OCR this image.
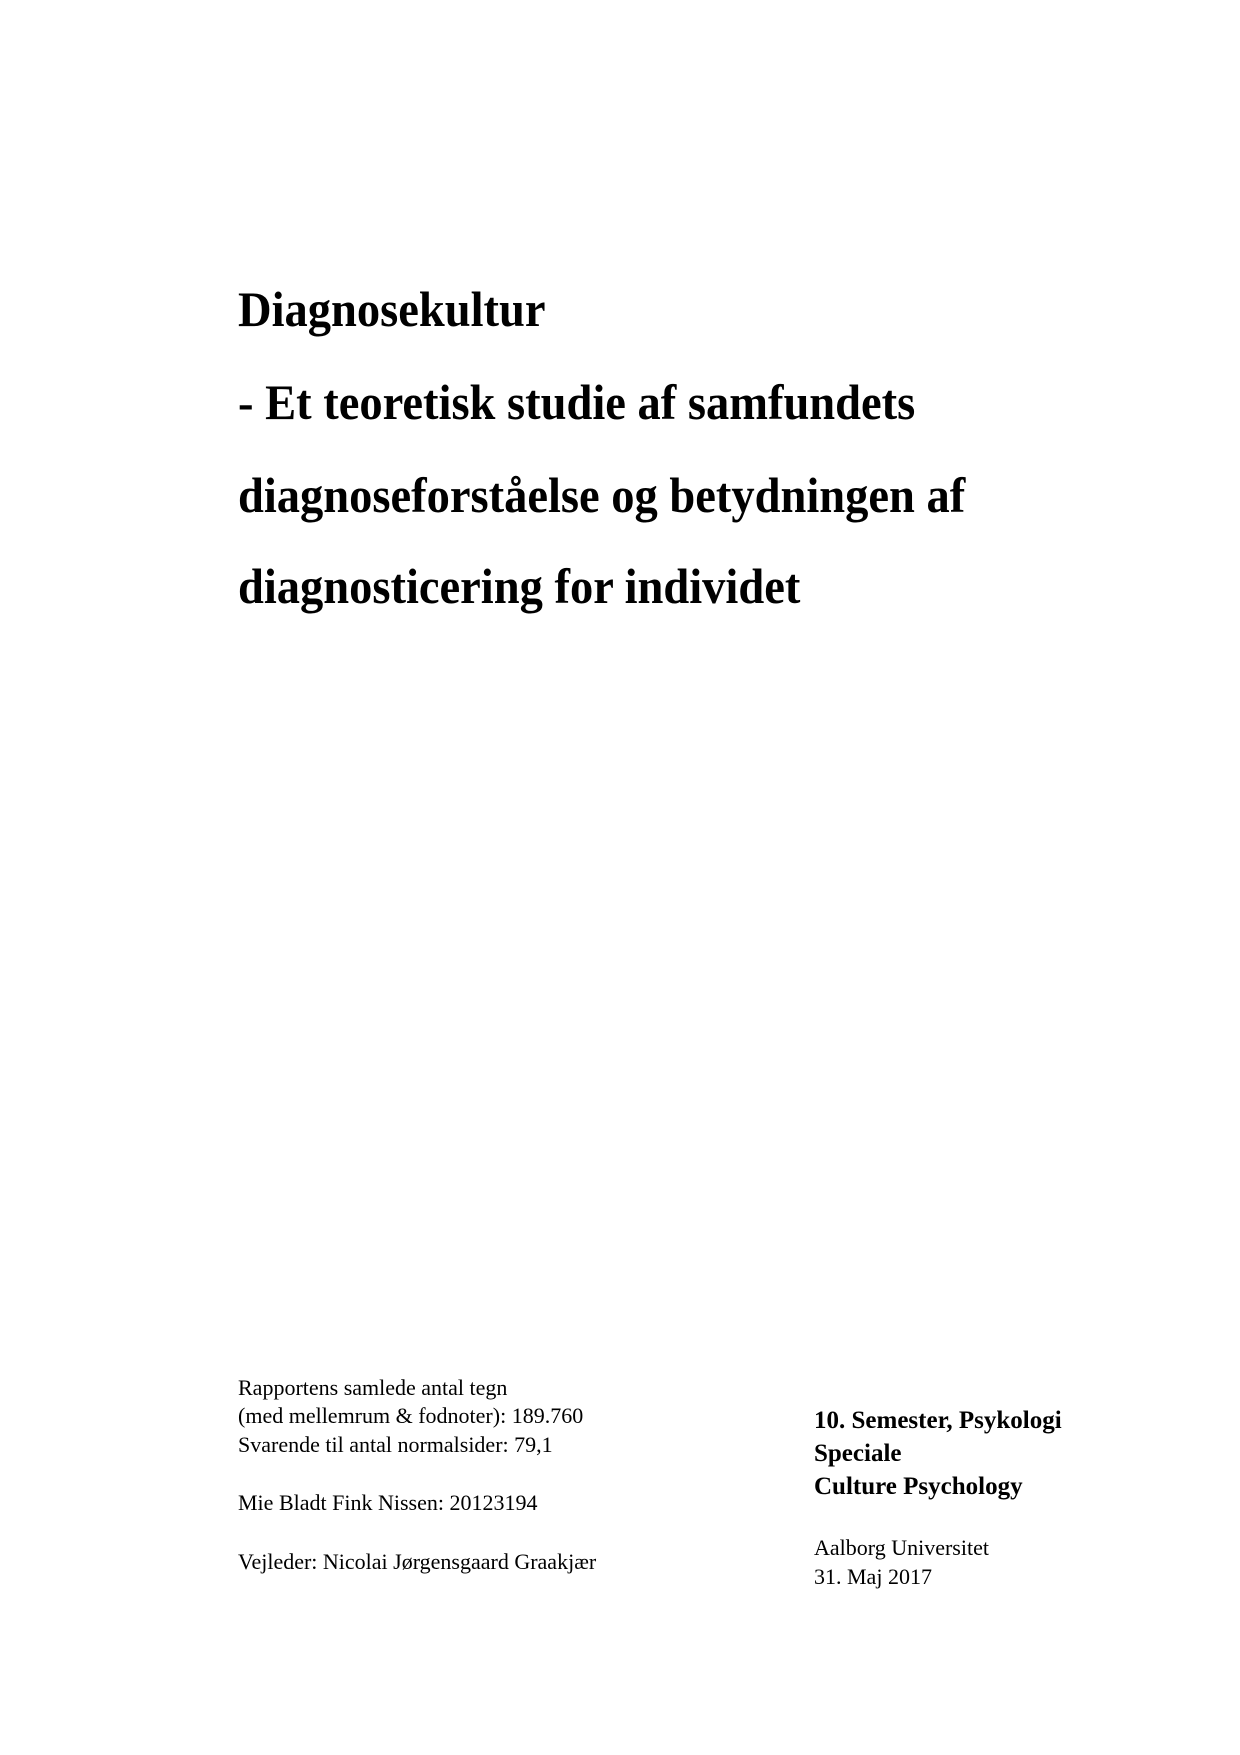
Diagnosekultur
- Et teoretisk studie af samfundets
diagnoseforståelse og betydningen af
diagnosticering for individet
Rapportens samlede antal tegn
(med mellemrum & fodnoter): 189.760
Svarende til antal normalsider: 79,1
Mie Bladt Fink Nissen: 20123194
Vejleder: Nicolai Jørgensgaard Graakjær
10. Semester, Psykologi
Speciale
Culture Psychology
Aalborg Universitet
31. Maj 2017
